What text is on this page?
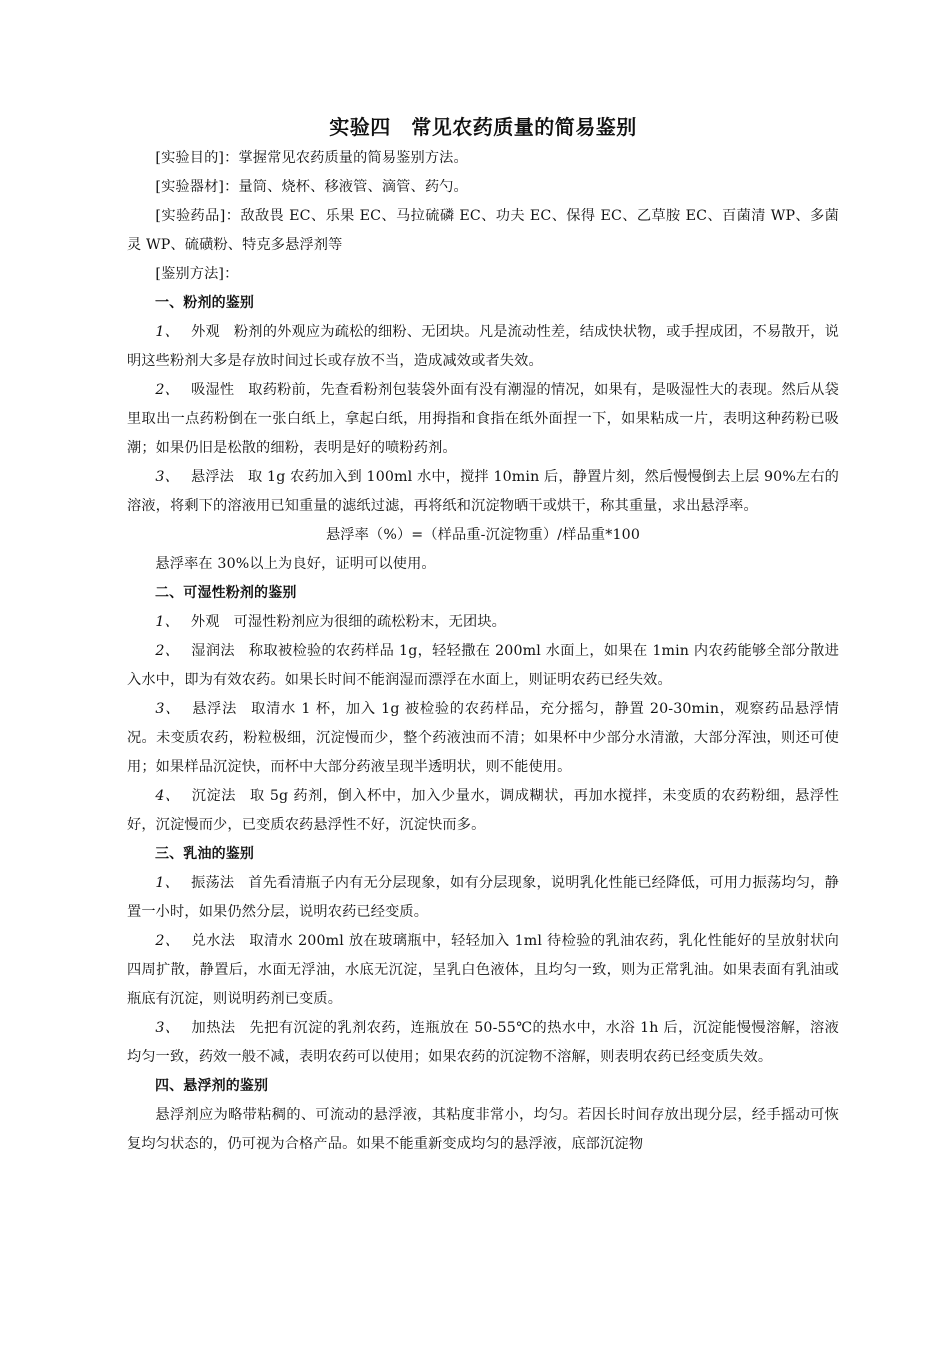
实验四　常见农药质量的简易鉴别

[实验目的]：掌握常见农药质量的简易鉴别方法。

[实验器材]：量筒、烧杯、移液管、滴管、药勺。

[实验药品]：敌敌畏 EC、乐果 EC、马拉硫磷 EC、功夫 EC、保得 EC、乙草胺 EC、百菌清 WP、多菌灵 WP、硫磺粉、特克多悬浮剂等

[鉴别方法]：

一、粉剂的鉴别

1、 外观 粉剂的外观应为疏松的细粉、无团块。凡是流动性差，结成快状物，或手捏成团，不易散开，说明这些粉剂大多是存放时间过长或存放不当，造成减效或者失效。

2、 吸湿性 取药粉前，先查看粉剂包装袋外面有没有潮湿的情况，如果有，是吸湿性大的表现。然后从袋里取出一点药粉倒在一张白纸上，拿起白纸，用拇指和食指在纸外面捏一下，如果粘成一片，表明这种药粉已吸潮；如果仍旧是松散的细粉，表明是好的喷粉药剂。

3、 悬浮法 取 1g 农药加入到 100ml 水中，搅拌 10min 后，静置片刻，然后慢慢倒去上层 90%左右的溶液，将剩下的溶液用已知重量的滤纸过滤，再将纸和沉淀物晒干或烘干，称其重量，求出悬浮率。

悬浮率（%）=（样品重-沉淀物重）/样品重*100

悬浮率在 30%以上为良好，证明可以使用。

二、可湿性粉剂的鉴别

1、 外观 可湿性粉剂应为很细的疏松粉末，无团块。

2、 湿润法 称取被检验的农药样品 1g，轻轻撒在 200ml 水面上，如果在 1min 内农药能够全部分散进入水中，即为有效农药。如果长时间不能润湿而漂浮在水面上，则证明农药已经失效。

3、 悬浮法 取清水 1 杯，加入 1g 被检验的农药样品，充分摇匀，静置 20-30min，观察药品悬浮情况。未变质农药，粉粒极细，沉淀慢而少，整个药液浊而不清；如果杯中少部分水清澈，大部分浑浊，则还可使用；如果样品沉淀快，而杯中大部分药液呈现半透明状，则不能使用。

4、 沉淀法 取 5g 药剂，倒入杯中，加入少量水，调成糊状，再加水搅拌，未变质的农药粉细，悬浮性好，沉淀慢而少，已变质农药悬浮性不好，沉淀快而多。

三、乳油的鉴别

1、 振荡法 首先看清瓶子内有无分层现象，如有分层现象，说明乳化性能已经降低，可用力振荡均匀，静置一小时，如果仍然分层，说明农药已经变质。

2、 兑水法 取清水 200ml 放在玻璃瓶中，轻轻加入 1ml 待检验的乳油农药，乳化性能好的呈放射状向四周扩散，静置后，水面无浮油，水底无沉淀，呈乳白色液体，且均匀一致，则为正常乳油。如果表面有乳油或瓶底有沉淀，则说明药剂已变质。

3、 加热法 先把有沉淀的乳剂农药，连瓶放在 50-55℃的热水中，水浴 1h 后，沉淀能慢慢溶解，溶液均匀一致，药效一般不减，表明农药可以使用；如果农药的沉淀物不溶解，则表明农药已经变质失效。

四、悬浮剂的鉴别

悬浮剂应为略带粘稠的、可流动的悬浮液，其粘度非常小，均匀。若因长时间存放出现分层，经手摇动可恢复均匀状态的，仍可视为合格产品。如果不能重新变成均匀的悬浮液，底部沉淀物
